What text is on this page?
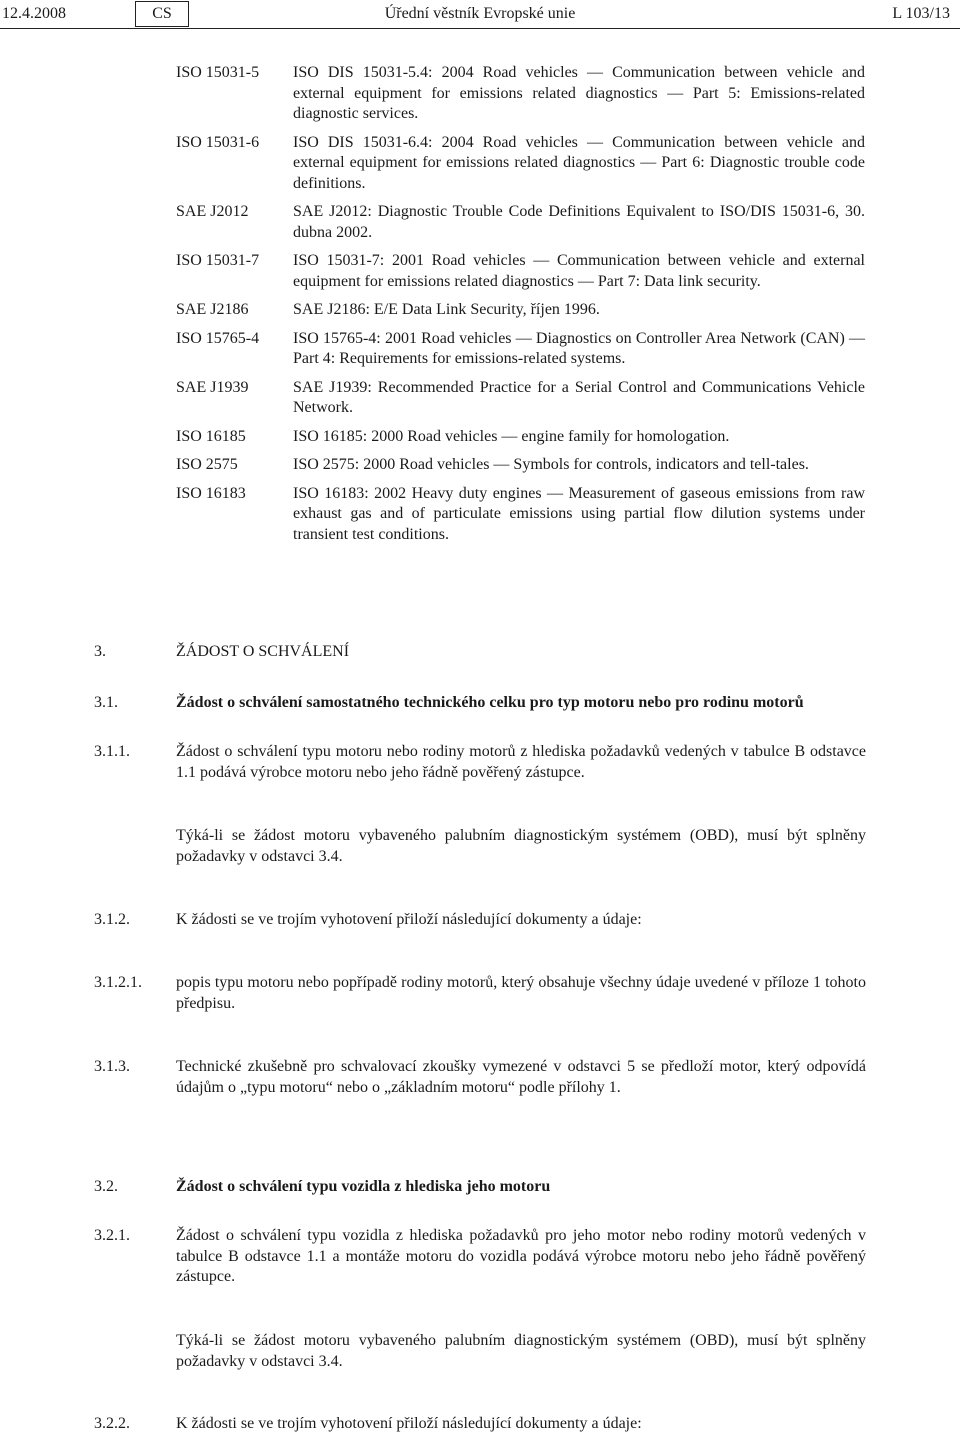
12.4.2008	CS	Úřední věstník Evropské unie	L 103/13
ISO 15031-5	ISO DIS 15031-5.4: 2004 Road vehicles — Communication between vehicle and external equipment for emissions related diagnostics — Part 5: Emissions-related diagnostic services.
ISO 15031-6	ISO DIS 15031-6.4: 2004 Road vehicles — Communication between vehicle and external equipment for emissions related diagnostics — Part 6: Diagnostic trouble code definitions.
SAE J2012	SAE J2012: Diagnostic Trouble Code Definitions Equivalent to ISO/DIS 15031-6, 30. dubna 2002.
ISO 15031-7	ISO 15031-7: 2001 Road vehicles — Communication between vehicle and external equipment for emissions related diagnostics — Part 7: Data link security.
SAE J2186	SAE J2186: E/E Data Link Security, říjen 1996.
ISO 15765-4	ISO 15765-4: 2001 Road vehicles — Diagnostics on Controller Area Network (CAN) — Part 4: Requirements for emissions-related systems.
SAE J1939	SAE J1939: Recommended Practice for a Serial Control and Communications Vehicle Network.
ISO 16185	ISO 16185: 2000 Road vehicles — engine family for homologation.
ISO 2575	ISO 2575: 2000 Road vehicles — Symbols for controls, indicators and tell-tales.
ISO 16183	ISO 16183: 2002 Heavy duty engines — Measurement of gaseous emissions from raw exhaust gas and of particulate emissions using partial flow dilution systems under transient test conditions.
3.	ŽÁDOST O SCHVÁLENÍ
3.1.	Žádost o schválení samostatného technického celku pro typ motoru nebo pro rodinu motorů
3.1.1.	Žádost o schválení typu motoru nebo rodiny motorů z hlediska požadavků vedených v tabulce B odstavce 1.1 podává výrobce motoru nebo jeho řádně pověřený zástupce.
Týká-li se žádost motoru vybaveného palubním diagnostickým systémem (OBD), musí být splněny požadavky v odstavci 3.4.
3.1.2.	K žádosti se ve trojím vyhotovení přiloží následující dokumenty a údaje:
3.1.2.1.	popis typu motoru nebo popřípadě rodiny motorů, který obsahuje všechny údaje uvedené v příloze 1 tohoto předpisu.
3.1.3.	Technické zkušebně pro schvalovací zkoušky vymezené v odstavci 5 se předloží motor, který odpovídá údajům o „typu motoru“ nebo o „základním motoru“ podle přílohy 1.
3.2.	Žádost o schválení typu vozidla z hlediska jeho motoru
3.2.1.	Žádost o schválení typu vozidla z hlediska požadavků pro jeho motor nebo rodiny motorů vedených v tabulce B odstavce 1.1 a montáže motoru do vozidla podává výrobce motoru nebo jeho řádně pověřený zástupce.
Týká-li se žádost motoru vybaveného palubním diagnostickým systémem (OBD), musí být splněny požadavky v odstavci 3.4.
3.2.2.	K žádosti se ve trojím vyhotovení přiloží následující dokumenty a údaje:
